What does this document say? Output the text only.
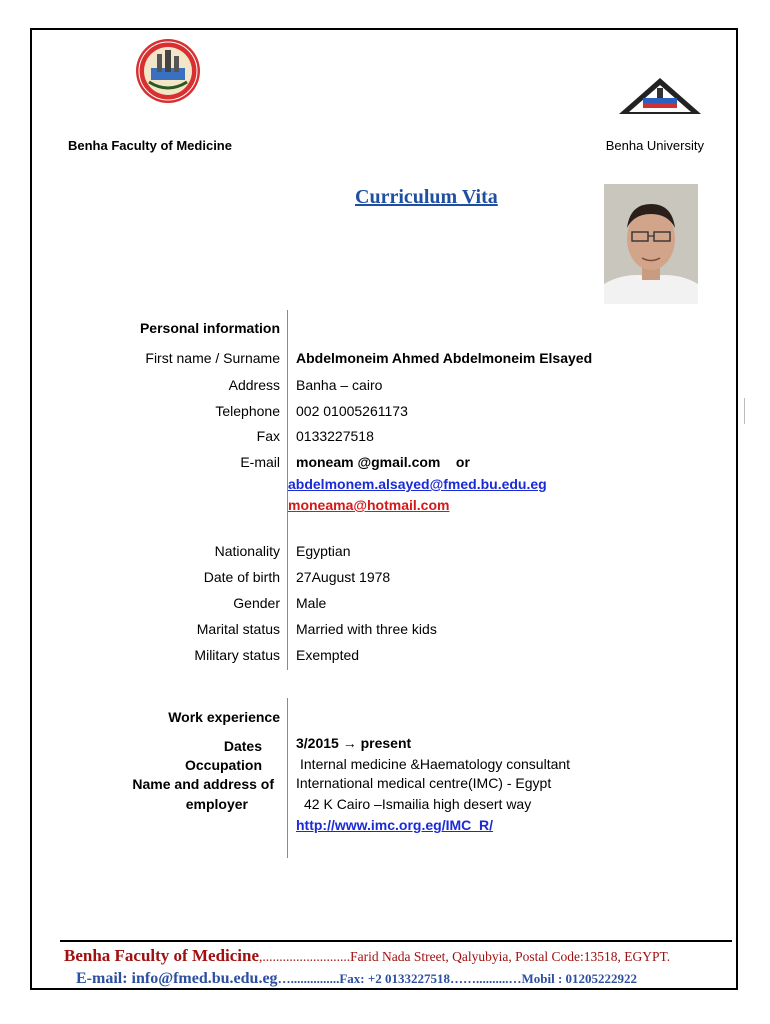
Benha Faculty of Medicine	Benha University
Curriculum Vita
Personal information
First name / Surname Abdelmoneim Ahmed Abdelmoneim Elsayed
Address Banha – cairo
Telephone 002 01005261173
Fax 0133227518
E-mail moneam @gmail.com    or
abdelmonem.alsayed@fmed.bu.edu.eg
moneama@hotmail.com
Nationality Egyptian
Date of birth 27August 1978
Gender Male
Marital status Married with three kids
Military status Exempted
Work experience
Dates
Occupation
Name and address of
employer
3/2015 → present
Internal medicine &Haematology consultant
International medical centre(IMC) - Egypt
42 K Cairo –Ismailia high desert way
http://www.imc.org.eg/IMC_R/
Benha Faculty of Medicine,..........................Farid Nada Street, Qalyubyia, Postal Code:13518, EGYPT.
E-mail: info@fmed.bu.edu.eg…...............Fax: +2 0133227518……..........…Mobil : 01205222922
